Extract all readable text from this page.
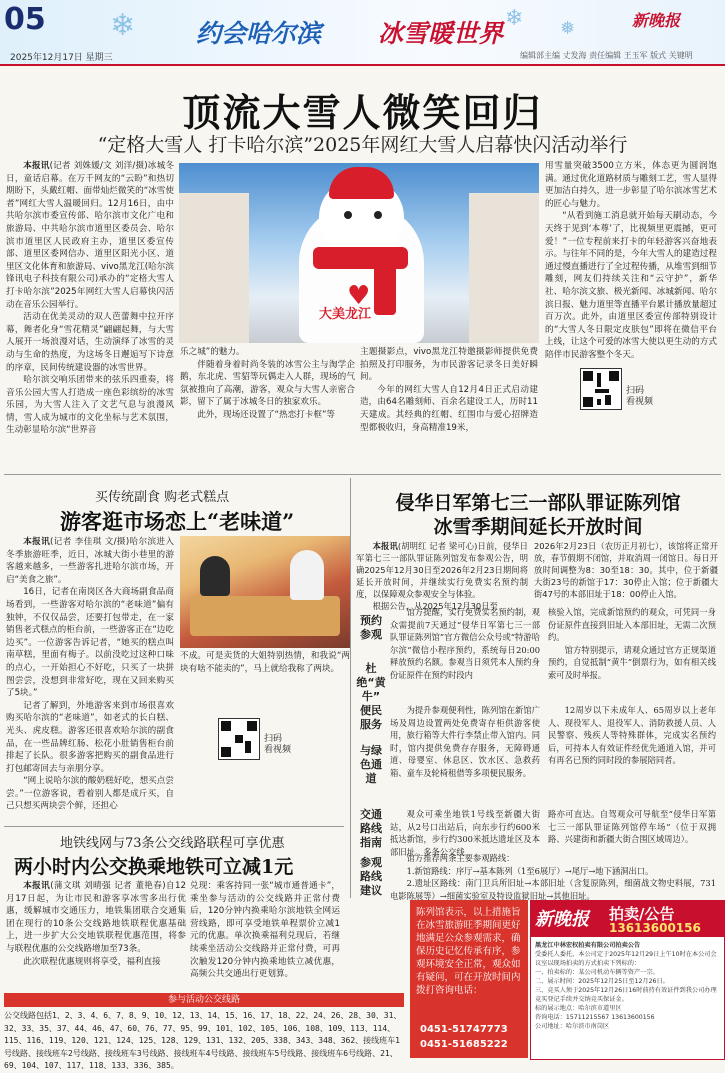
❄	❄ ❅
05	约会哈尔滨 冰雪暖世界	新晚报
2025年12月17日 星期三	编辑部主编 丈发海 责任编辑 王玉军 版式 关键明
顶流大雪人微笑回归
“定格大雪人 打卡哈尔滨”2025年网红大雪人启幕快闪活动举行

本报讯(记者 刘姝媛/文 刘洋/摄)冰城冬日，童话启幕。在万千网友的“云盼”和热切期盼下，头戴红帽、面带灿烂微笑的“冰雪使者”网红大雪人温暖回归。12月16日，由中共哈尔滨市委宣传部、哈尔滨市文化广电和旅游局、中共哈尔滨市道里区委员会、哈尔滨市道里区人民政府主办，道里区委宣传部、道里区委网信办、道里区阳光小区、道里区文化体育和旅游局、vivo黑龙江(哈尔滨锋讯电子科技有限公司)承办的“定格大雪人 打卡哈尔滨”2025年网红大雪人启幕快闪活动在音乐公园举行。

活动在优美灵动的双人芭蕾舞中拉开序幕，舞者化身“雪花精灵”翩翩起舞，与大雪人展开一场浪漫对话，生动演绎了冰雪的灵动与生命的热度，为这场冬日邂逅写下诗意的序章，民间传统建设器的冰雪世界。

哈尔滨交响乐团带来的弦乐四重奏，将音乐公园大雪人打造成一座色彩缤纷的冰雪乐园，为大雪人注入了文艺气息与浪漫风情，雪人成为城市的文化坐标与艺术氛围，生动彰显哈尔滨“世界音

♥
大美龙江

乐之城”的魅力。

伴随着身着时尚冬装的冰雪公主与淘学企鹅，东北虎、雪貂等玩偶走入人群，现场的气氛被推向了高潮，游客，观众与大雪人亲密合影，留下了属于冰城冬日的独家欢乐。

此外，现场还设置了“热恋打卡框”等

主题摄影点，vivo黑龙江特邀摄影师提供免费拍照及打印服务，为市民游客记录冬日美好瞬间。

今年的网红大雪人自12月4日正式启动建造，由64名雕刻师、百余名建设工人，历时11天建成。其经典的红帽、红围巾与爱心招牌造型都极收归，身高精准19米，

用雪量突破3500立方米，体态更为圆润饱满。通过优化道路材质与雕刻工艺，雪人显得更加洁白持久，进一步彰显了哈尔滨冰雪艺术的匠心与魅力。

“从看到施工消息就开始每天刷动态，今天终于见到‘本尊’了，比视频里更震撼，更可爱！”一位专程前来打卡的年轻游客兴奋地表示。与往年不同的是，今年大雪人的建造过程通过慢直播进行了全过程传播，从堆雪到细节雕刻，网友们持续关注和“云守护”，新华社、哈尔滨文旅、极光新闻、冰城新闻、哈尔滨日报、魅力道里等直播平台累计播放量超过百万次。此外，由道里区委宣传部特别设计的“大雪人冬日限定皮肤包”即将在微信平台上线，让这个可爱的冰雪大使以更生动的方式陪伴市民游客整个冬天。

扫码
看视频
买传统副食 购老式糕点
游客逛市场恋上“老味道”

本报讯(记者 李佳琪 文/摄)哈尔滨进入冬季旅游旺季，近日，冰城大街小巷里的游客越来越多，一些游客扎进哈尔滨市场，开启“美食之旅”。

16日，记者在南岗区各大商场副食品商场看到，一些游客对哈尔滨的“老味道”偏有独钟，不仅仅品尝，还要打包带走，在一家销售老式糕点的柜台前，一些游客正在“边吃边买”。一位游客告诉记者，“她买的糕点叫南草糕，里面有梅子。以前没吃过这种口味的点心，一开始担心不好吃，只买了一块拼图尝尝，没想到非常好吃，现在又回来购买了5块。”

记者了解到，外地游客来到市场很喜欢购买哈尔滨的“老味道”，如老式的长白糕、光头、虎皮糕。游客还很喜欢哈尔滨的副食品，在一些品牌红肠、松花小肚销售柜台前排起了长队。很多游客把购买的副食品进行打包邮寄回去与亲朋分享。

“网上说哈尔滨的酸奶糕好吃，想买点尝尝。”一位游客说，看着别人都是成斤买，自己只想买两块尝个鲜，还担心

不成。可是卖货的大姐特别热情，和我说“两块有啥不能卖的”，马上就给我称了两块。

扫码
看视频
地铁线网与73条公交线路联程可享优惠
两小时内公交换乘地铁可立减1元

本报讯(蒲文琪 刘晴强 记者 董艳春)自12月17日起，为让市民和游客享冰雪多出行优惠，缓解城市交通压力，地铁集团联合交通集团在现行的10条公交线路地铁联程优惠基础上，进一步扩大公交地铁联程优惠范围，将参与联程优惠的公交线路增加至73条。

此次联程优惠规则将享受，福利直接

兑现：乘客持同一张“城市通普通卡”，乘坐参与活动的公交线路并正常付费后，120分钟内换乘哈尔滨地铁全网运营线路，即可享受地铁单程票价立减1元的优惠。单次换乘福利兑现后，若继续乘坐活动公交线路并正常付费，可再次触发120分钟内换乘地铁立减优惠，高频公共交通出行更划算。

参与活动公交线路
公交线路包括1、2、3、4、6、7、8、9、10、12、13、14、15、16、17、18、22、24、26、28、30、31、32、33、35、37、44、46、47、60、76、77、95、99、101、102、105、106、108、109、113、114、115、116、119、120、121、124、125、128、129、131、132、205、338、343、348、362、接线班车1号线路、接线班车2号线路、接线班车3号线路、接线班车4号线路、接线班车5号线路、接线班车6号线路、21、69、104、107、117、118、133、336、385。
侵华日军第七三一部队罪证陈列馆
冰雪季期间延长开放时间

本报讯(胡明红 记者 梁可心)日前，侵华日军第七三一部队罪证陈列馆发布参观公告，明确2025年12月30日至2026年2月23日期间将延长开放时间，并继续实行免费实名预约制度，以保障观众参观安全与体验。

根据公告，从2025年12月30日至

2026年2月23日（农历正月初七），该馆将正常开放，春节假期不闭馆，并取消周一闭馆日。每日开放时间调整为8：30至18：30。其中，位于新疆大街23号的新馆于17：30停止入馆；位于新疆大街47号的本部旧址于18：00停止入馆。

预约参观
杜绝“黄牛”

馆方提醒，实行免费实名预约制，观众需提前7天通过“侵华日军第七三一部队罪证陈列馆”官方微信公众号或“特游哈尔滨”微信小程序预约，系统每日20:00释放预约名额。参观当日须凭本人预约身份证原件在预约时段内

核验入馆，完成新馆预约的观众，可凭同一身份证原件直接到旧址入本部旧址，无需二次预约。

馆方特别提示，请观众通过官方正规渠道预约，自觉抵制“黄牛”倒票行为，如有相关线索可及时举报。

便民服务
与绿色通道

为提升参观便利性，陈列馆在新馆广场及周边设置两处免费寄存柜供游客使用，旅行箱等大件行李禁止带入馆内。同时，馆内提供免费存存服务，无障碍通道、母婴室、休息区、饮水区、急救药箱、童车及轮椅租借等多项便民服务。

12周岁以下未成年人、65周岁以上老年人、现役军人、退役军人、消防救援人员、人民警察、残疾人等特殊群体，完成实名预约后，可持本人有效证件经优先通道入馆，并可有再名已预约同时段的参展陪同者。

交通路线
指南

观众可乘坐地铁1号线至新疆大街站，从2号口出站后，向东步行约600米抵达新馆，步行约300米抵达遗址区及本部旧址。多条公交线

路亦可直达。自驾观众可导航至“侵华日军第七三一部队罪证陈列馆停车场”（位于双拥路、兴建街和新疆大街合围区域周边）。

参观路线建议

馆方推荐两条主要参观路线：

1.新馆路线：序厅→基本陈列（1至6展厅）→尾厅→地下涵洞出口。

2.遗址区路线：南门卫兵所旧址→本部旧址（含复原陈列，细菌战文物史料展，731电影陈展等）→细菌实验室及特设监狱旧址→其他旧址。

陈列馆表示，以上措施旨在冰雪旅游旺季期间更好地满足公众参观需求，确保历史记忆传承有序，参观环境安全正常，观众如有疑问，可在开放时间内拨打咨询电话：
0451-51747773
0451-51685222
新晚报 拍卖/公告
13613600156
黑龙江中林宏权拍卖有限公司拍卖公告
受委托人委托，本公司定于2025年12月29日上午10时在本公司会议室以现场拍卖的方式拍卖下列标的：
一、拍卖标的：某公司机动车辆等资产一宗。
二、展示时间：2025年12月25日至12月26日。
三、竞买人须于2025年12月26日16时前持有效证件到我公司办理竞买登记手续并交纳竞买保证金。
标的展示地点：哈尔滨市道里区
咨询电话：15711215567 13613600156
公司地址：哈尔滨市南岗区
